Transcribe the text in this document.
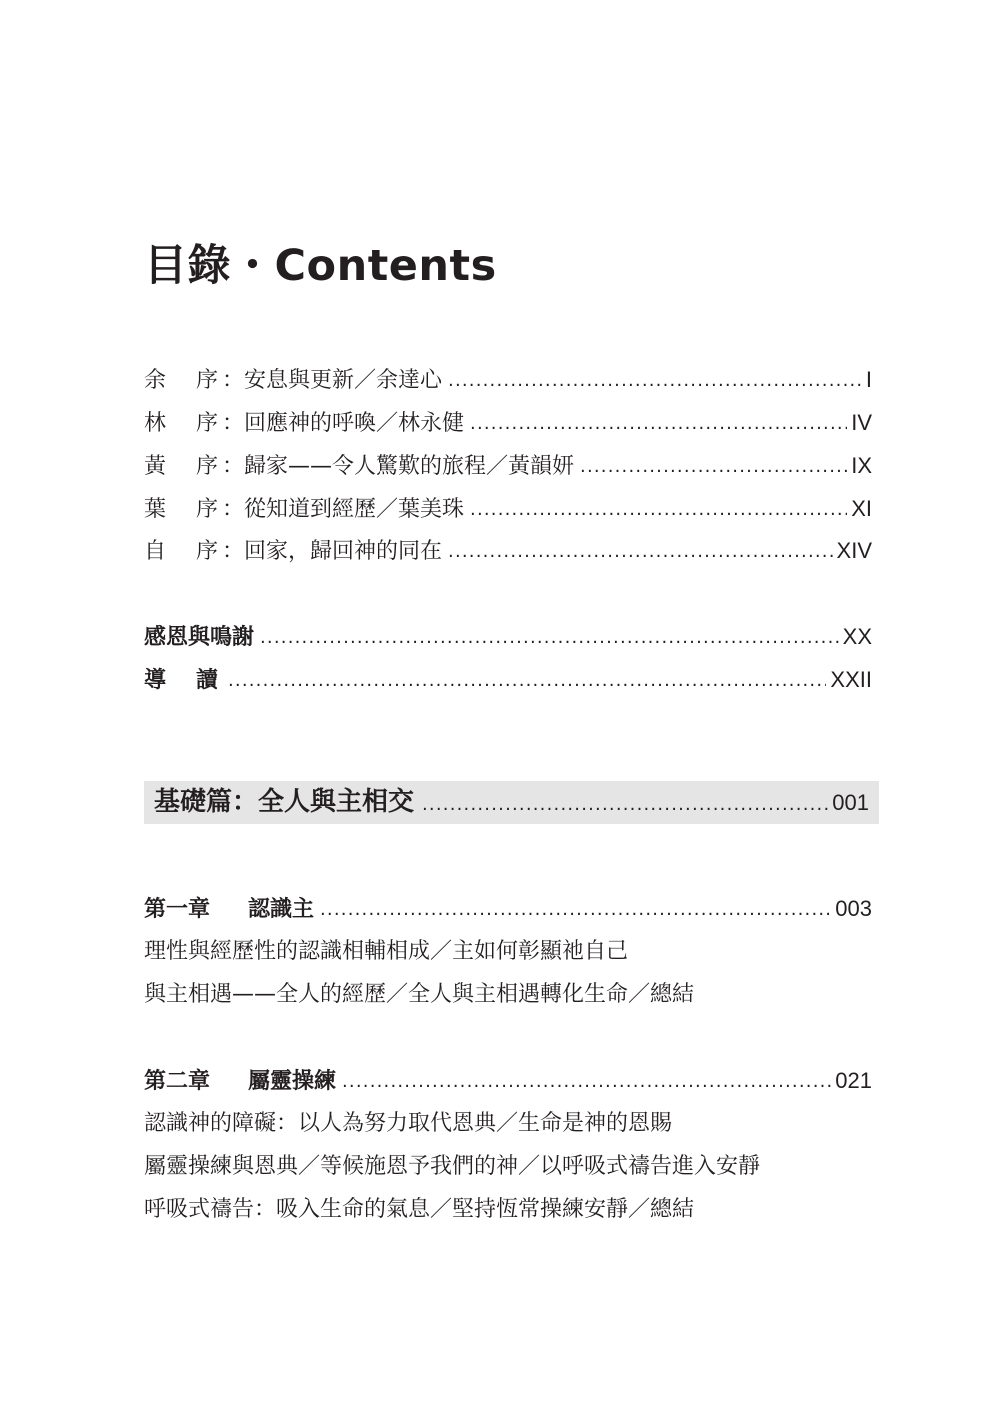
目錄・Contents
余 序 ：安息與更新／余達心 .....	I
林 序 ：回應神的呼喚／林永健 .....	IV
黃 序 ：歸家——令人驚歎的旅程／黃韻妍 .....	IX
葉 序 ：從知道到經歷／葉美珠 .....	XI
自 序 ：回家，歸回神的同在 .....	XIV
感恩與鳴謝 .....	XX
導 讀 .....	XXII
基礎篇：全人與主相交 .....	001
第一章 認識主 .....	003
理性與經歷性的認識相輔相成／主如何彰顯祂自己
與主相遇——全人的經歷／全人與主相遇轉化生命／總結
第二章 屬靈操練 .....	021
認識神的障礙：以人為努力取代恩典／生命是神的恩賜
屬靈操練與恩典／等候施恩予我們的神／以呼吸式禱告進入安靜
呼吸式禱告：吸入生命的氣息／堅持恆常操練安靜／總結
